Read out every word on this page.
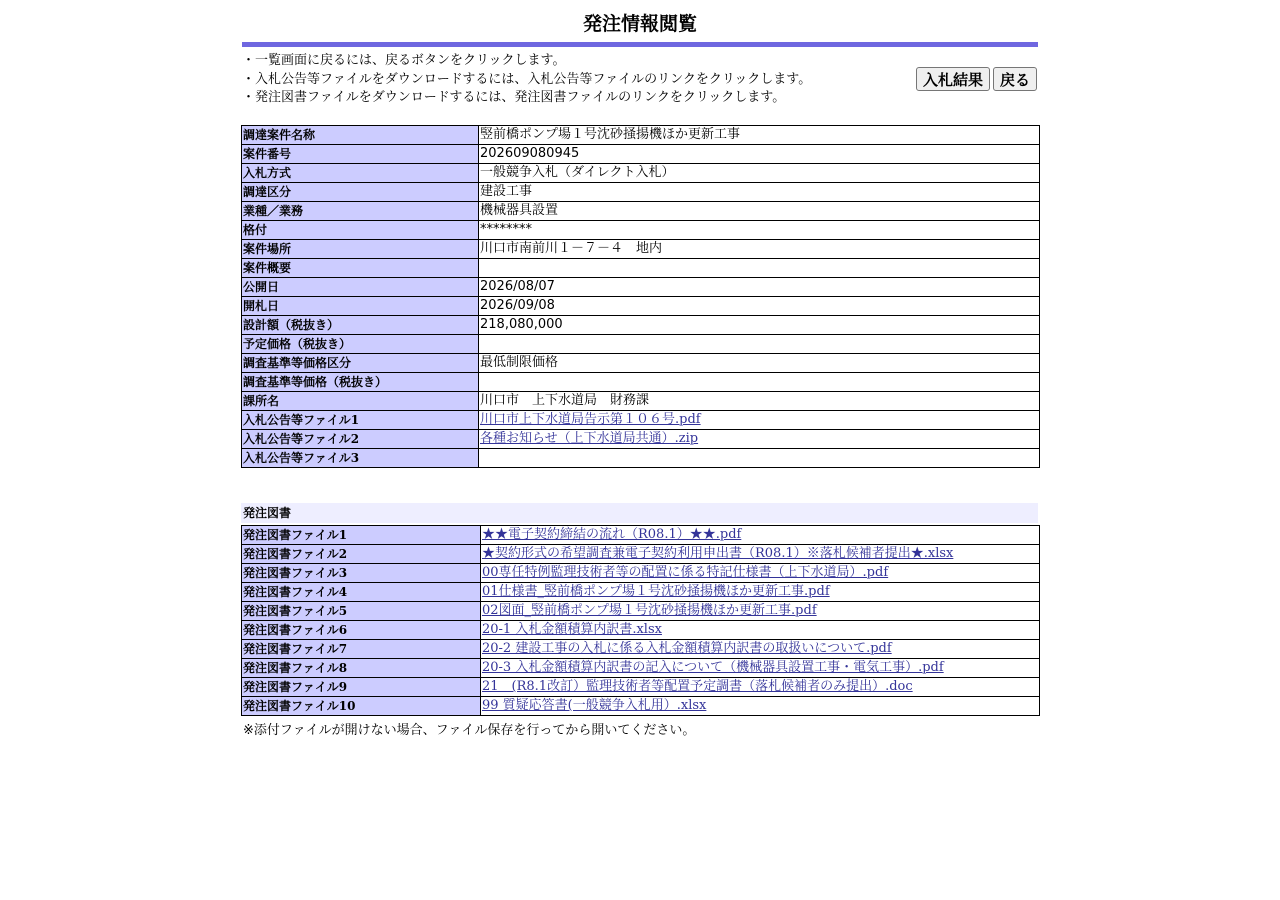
発注情報閲覧
・一覧画面に戻るには、戻るボタンをクリックします。
・入札公告等ファイルをダウンロードするには、入札公告等ファイルのリンクをクリックします。
・発注図書ファイルをダウンロードするには、発注図書ファイルのリンクをクリックします。
入札結果 戻る
調達案件名称	竪前橋ポンプ場１号沈砂掻揚機ほか更新工事
案件番号	202609080945
入札方式	一般競争入札（ダイレクト入札）
調達区分	建設工事
業種／業務	機械器具設置
格付	********
案件場所	川口市南前川１－７－４　地内
案件概要	
公開日	2026/08/07
開札日	2026/09/08
設計額（税抜き）	218,080,000
予定価格（税抜き）	
調査基準等価格区分	最低制限価格
調査基準等価格（税抜き）	
課所名	川口市　上下水道局　財務課
入札公告等ファイル1	川口市上下水道局告示第１０６号.pdf
入札公告等ファイル2	各種お知らせ（上下水道局共通）.zip
入札公告等ファイル3	
発注図書
発注図書ファイル1	★★電子契約締結の流れ（R08.1）★★.pdf
発注図書ファイル2	★契約形式の希望調査兼電子契約利用申出書（R08.1）※落札候補者提出★.xlsx
発注図書ファイル3	00専任特例監理技術者等の配置に係る特記仕様書（上下水道局）.pdf
発注図書ファイル4	01仕様書_竪前橋ポンプ場１号沈砂掻揚機ほか更新工事.pdf
発注図書ファイル5	02図面_竪前橋ポンプ場１号沈砂掻揚機ほか更新工事.pdf
発注図書ファイル6	20-1 入札金額積算内訳書.xlsx
発注図書ファイル7	20-2 建設工事の入札に係る入札金額積算内訳書の取扱いについて.pdf
発注図書ファイル8	20-3 入札金額積算内訳書の記入について（機械器具設置工事・電気工事）.pdf
発注図書ファイル9	21　(R8.1改訂）監理技術者等配置予定調書（落札候補者のみ提出）.doc
発注図書ファイル10	99 質疑応答書(一般競争入札用）.xlsx
※添付ファイルが開けない場合、ファイル保存を行ってから開いてください。
